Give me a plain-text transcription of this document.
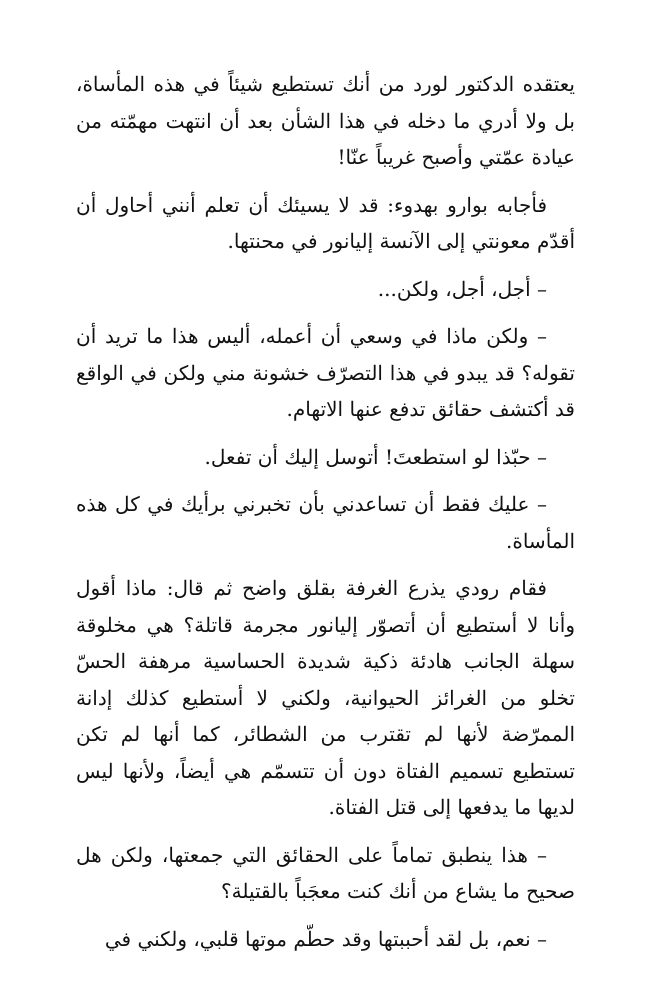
يعتقده الدكتور لورد من أنك تستطيع شيئاً في هذه المأساة، بل ولا أدري ما دخله في هذا الشأن بعد أن انتهت مهمّته من عيادة عمّتي وأصبح غريباً عنّا!

فأجابه بوارو بهدوء: قد لا يسيئك أن تعلم أنني أحاول أن أقدّم معونتي إلى الآنسة إليانور في محنتها.

– أجل، أجل، ولكن...

– ولكن ماذا في وسعي أن أعمله، أليس هذا ما تريد أن تقوله؟ قد يبدو في هذا التصرّف خشونة مني ولكن في الواقع قد أكتشف حقائق تدفع عنها الاتهام.

– حبّذا لو استطعتَ! أتوسل إليك أن تفعل.

– عليك فقط أن تساعدني بأن تخبرني برأيك في كل هذه المأساة.

فقام رودي يذرع الغرفة بقلق واضح ثم قال: ماذا أقول وأنا لا أستطيع أن أتصوّر إليانور مجرمة قاتلة؟ هي مخلوقة سهلة الجانب هادئة ذكية شديدة الحساسية مرهفة الحسّ تخلو من الغرائز الحيوانية، ولكني لا أستطيع كذلك إدانة الممرّضة لأنها لم تقترب من الشطائر، كما أنها لم تكن تستطيع تسميم الفتاة دون أن تتسمّم هي أيضاً، ولأنها ليس لديها ما يدفعها إلى قتل الفتاة.

– هذا ينطبق تماماً على الحقائق التي جمعتها، ولكن هل صحيح ما يشاع من أنك كنت معجَباً بالقتيلة؟

– نعم، بل لقد أحببتها وقد حطّم موتها قلبي، ولكني في
